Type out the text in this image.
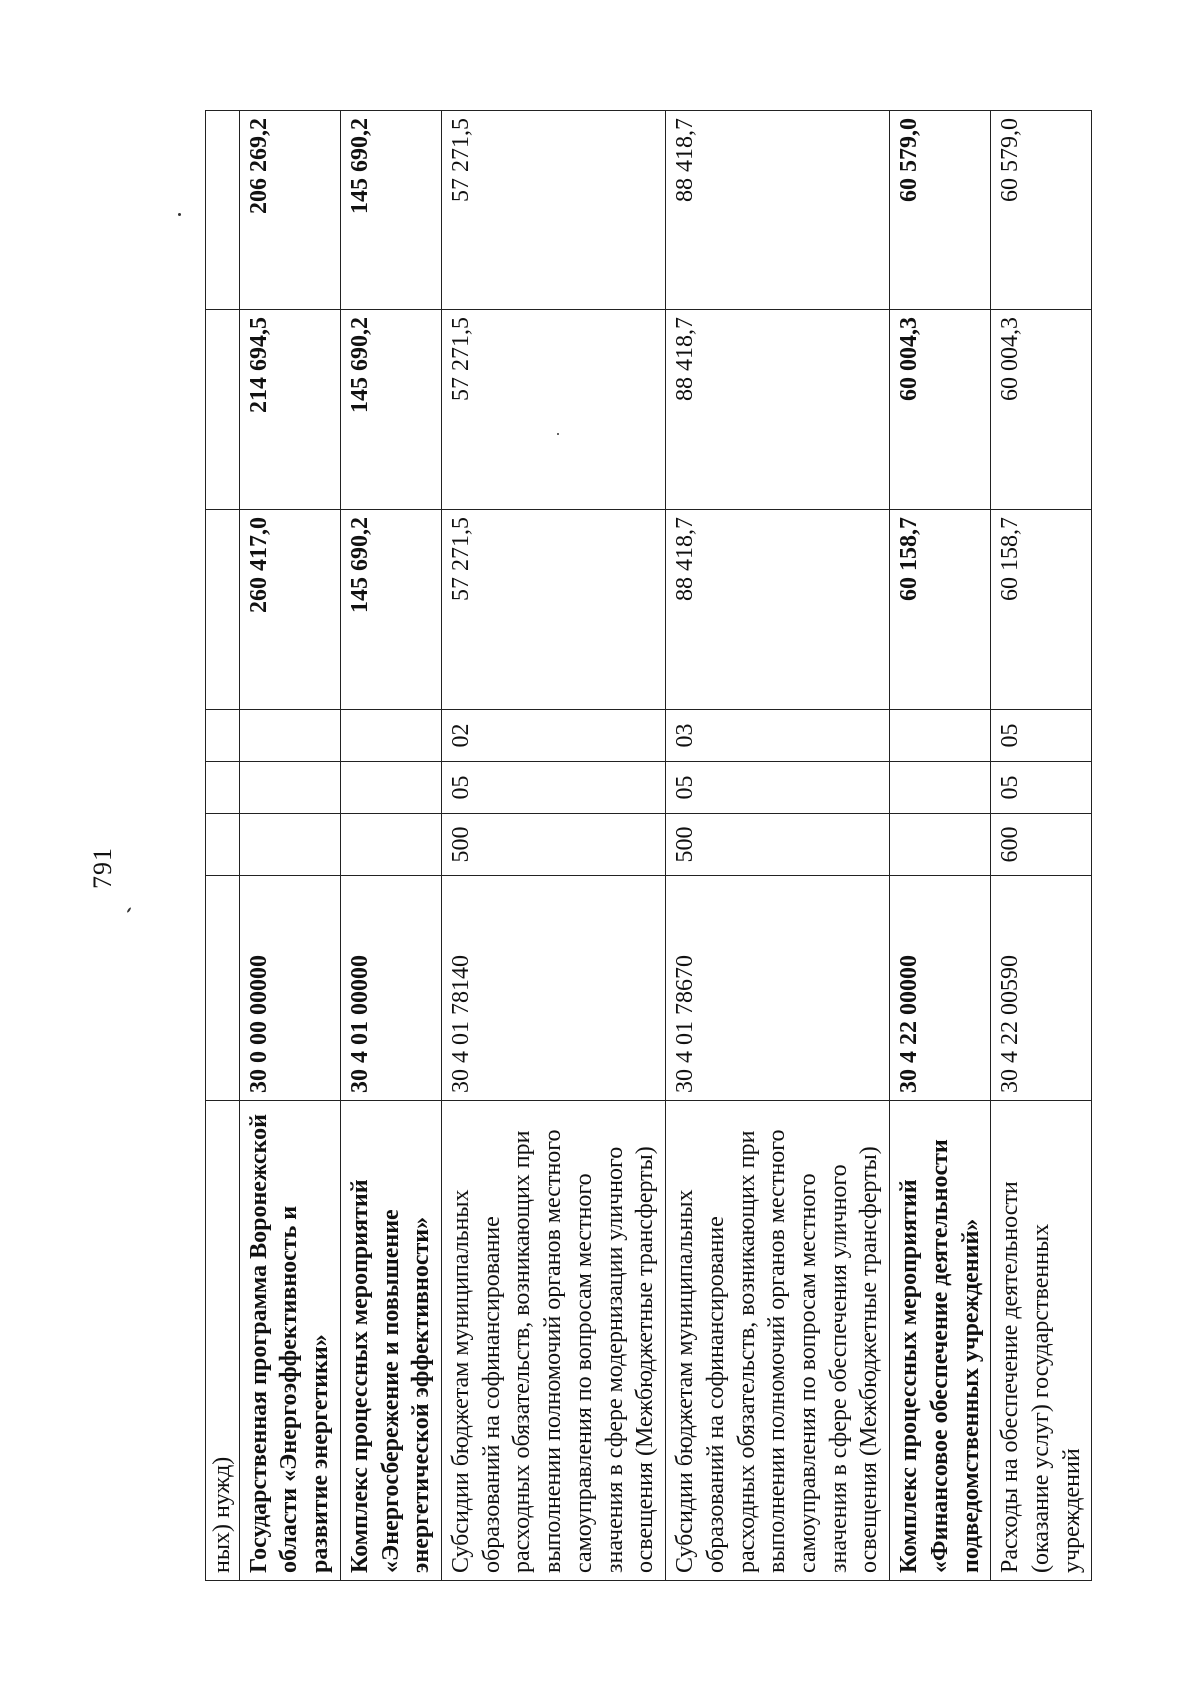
791
ных) нужд)							
Государственная программа Воронежской области «Энергоэффективность и развитие энергетики»	30 0 00 00000				260 417,0	214 694,5	206 269,2
Комплекс процессных мероприятий «Энергосбережение и повышение энергетической эффективности»	30 4 01 00000				145 690,2	145 690,2	145 690,2
Субсидии бюджетам муниципальных образований на софинансирование расходных обязательств, возникающих при выполнении полномочий органов местного самоуправления по вопросам местного значения в сфере модернизации уличного освещения (Межбюджетные трансферты)	30 4 01 78140	500	05	02	57 271,5	57 271,5	57 271,5
Субсидии бюджетам муниципальных образований на софинансирование расходных обязательств, возникающих при выполнении полномочий органов местного самоуправления по вопросам местного значения в сфере обеспечения уличного освещения (Межбюджетные трансферты)	30 4 01 78670	500	05	03	88 418,7	88 418,7	88 418,7
Комплекс процессных мероприятий «Финансовое обеспечение деятельности подведомственных учреждений»	30 4 22 00000				60 158,7	60 004,3	60 579,0
Расходы на обеспечение деятельности (оказание услуг) государственных учреждений	30 4 22 00590	600	05	05	60 158,7	60 004,3	60 579,0
